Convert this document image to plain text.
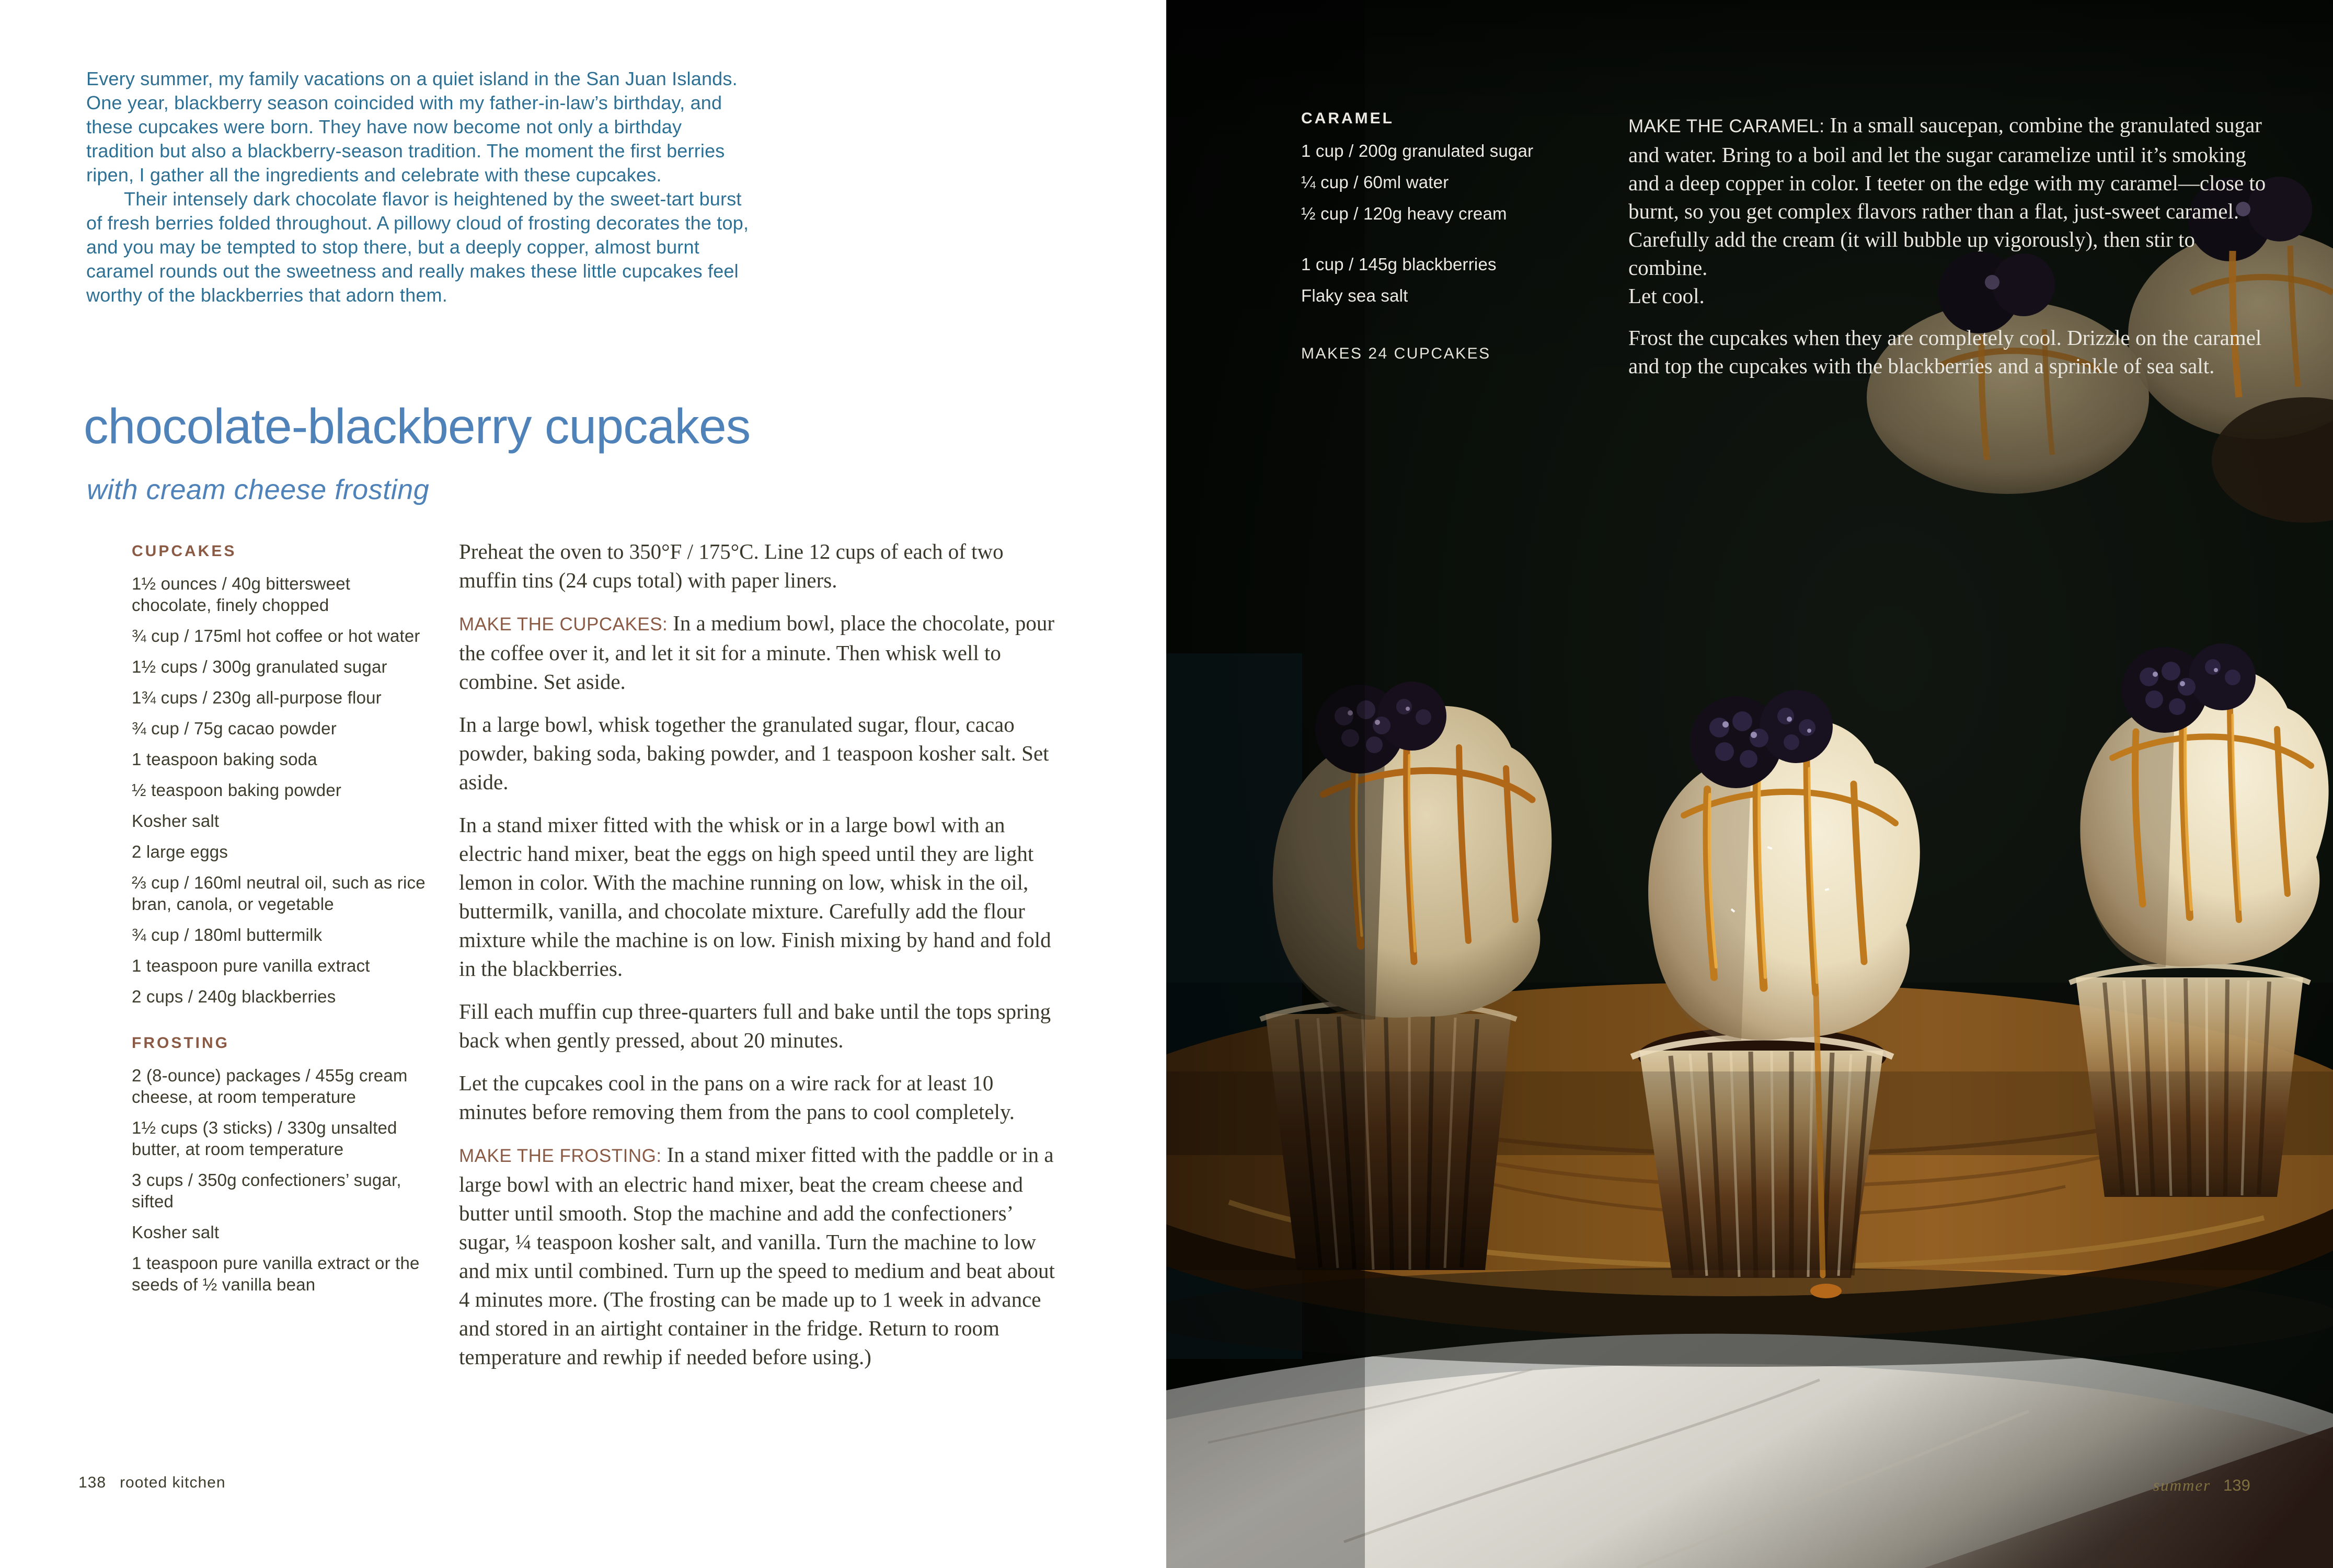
Every summer, my family vacations on a quiet island in the San Juan Islands. One year, blackberry season coincided with my father-in-law’s birthday, and these cupcakes were born. They have now become not only a birthday tradition but also a blackberry-season tradition. The moment the first berries ripen, I gather all the ingredients and celebrate with these cupcakes.

Their intensely dark chocolate flavor is heightened by the sweet-tart burst of fresh berries folded throughout. A pillowy cloud of frosting decorates the top, and you may be tempted to stop there, but a deeply copper, almost burnt caramel rounds out the sweetness and really makes these little cupcakes feel worthy of the blackberries that adorn them.

chocolate-blackberry cupcakes
with cream cheese frosting
CUPCAKES

1½ ounces / 40g bittersweet chocolate, finely chopped

¾ cup / 175ml hot coffee or hot water

1½ cups / 300g granulated sugar

1¾ cups / 230g all-purpose flour

¾ cup / 75g cacao powder

1 teaspoon baking soda

½ teaspoon baking powder

Kosher salt

2 large eggs

⅔ cup / 160ml neutral oil, such as rice bran, canola, or vegetable

¾ cup / 180ml buttermilk

1 teaspoon pure vanilla extract

2 cups / 240g blackberries

FROSTING

2 (8-ounce) packages / 455g cream cheese, at room temperature

1½ cups (3 sticks) / 330g unsalted butter, at room temperature

3 cups / 350g confectioners’ sugar, sifted

Kosher salt

1 teaspoon pure vanilla extract or the seeds of ½ vanilla bean

Preheat the oven to 350°F / 175°C. Line 12 cups of each of two muffin tins (24 cups total) with paper liners.

MAKE THE CUPCAKES: In a medium bowl, place the chocolate, pour the coffee over it, and let it sit for a minute. Then whisk well to combine. Set aside.

In a large bowl, whisk together the granulated sugar, flour, cacao powder, baking soda, baking powder, and 1 teaspoon kosher salt. Set aside.

In a stand mixer fitted with the whisk or in a large bowl with an electric hand mixer, beat the eggs on high speed until they are light lemon in color. With the machine running on low, whisk in the oil, buttermilk, vanilla, and chocolate mixture. Carefully add the flour mixture while the machine is on low. Finish mixing by hand and fold in the blackberries.

Fill each muffin cup three-quarters full and bake until the tops spring back when gently pressed, about 20 minutes.

Let the cupcakes cool in the pans on a wire rack for at least 10 minutes before removing them from the pans to cool completely.

MAKE THE FROSTING: In a stand mixer fitted with the paddle or in a large bowl with an electric hand mixer, beat the cream cheese and butter until smooth. Stop the machine and add the confectioners’ sugar, ¼ teaspoon kosher salt, and vanilla. Turn the machine to low and mix until combined. Turn up the speed to medium and beat about 4 minutes more. (The frosting can be made up to 1 week in advance and stored in an airtight container in the fridge. Return to room temperature and rewhip if needed before using.)

138 rooted kitchen
CARAMEL

1 cup / 200g granulated sugar

¼ cup / 60ml water

½ cup / 120g heavy cream

1 cup / 145g blackberries

Flaky sea salt

MAKES 24 CUPCAKES

MAKE THE CARAMEL: In a small saucepan, combine the granulated sugar and water. Bring to a boil and let the sugar caramelize until it’s smoking and a deep copper in color. I teeter on the edge with my caramel—close to burnt, so you get complex flavors rather than a flat, just-sweet caramel. Carefully add the cream (it will bubble up vigorously), then stir to combine.
Let cool.

Frost the cupcakes when they are completely cool. Drizzle on the caramel and top the cupcakes with the blackberries and a sprinkle of sea salt.

summer 139
